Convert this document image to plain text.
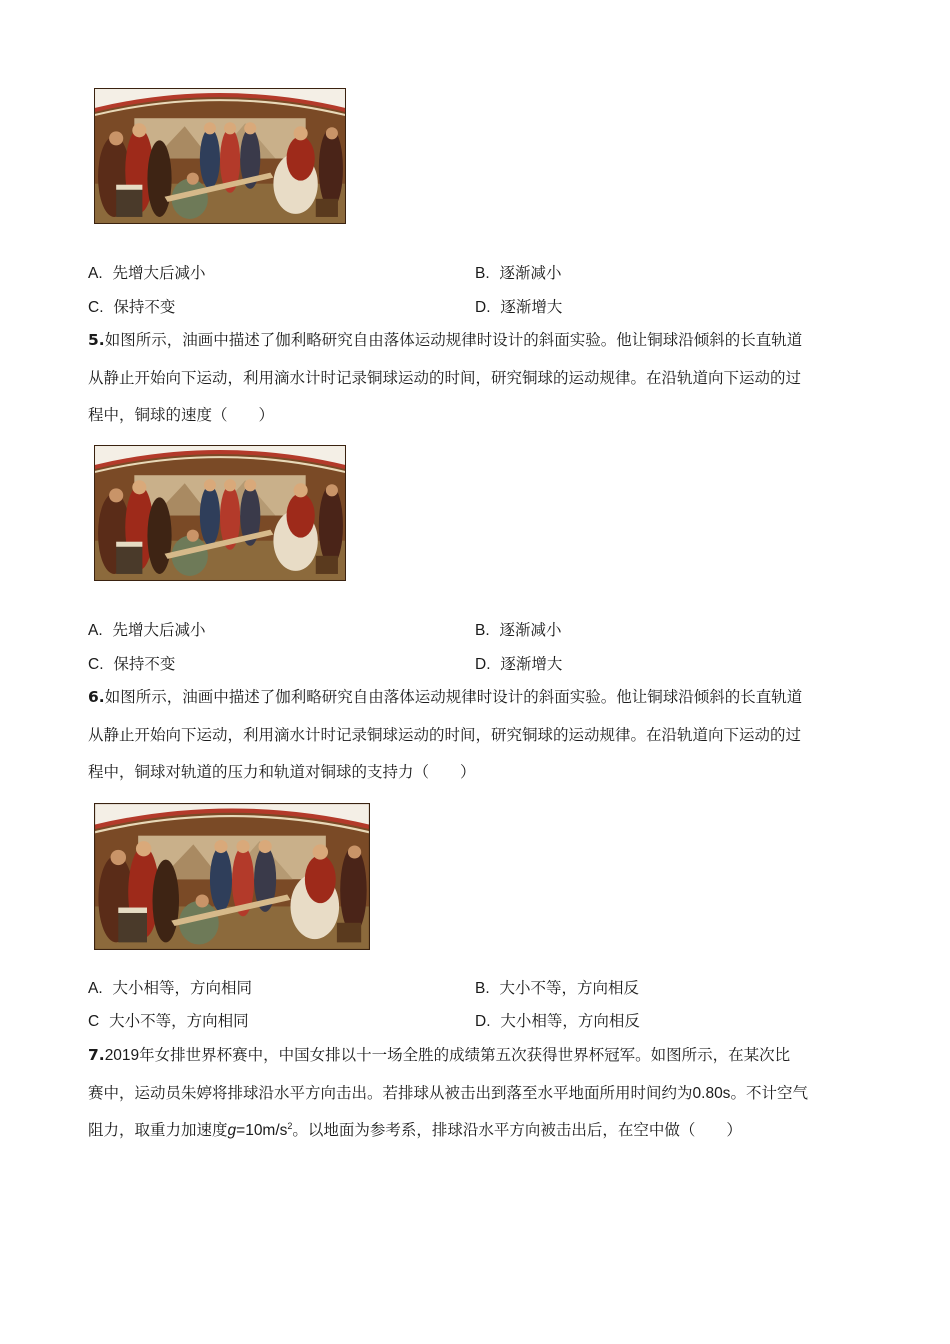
A. 先增大后减小	B. 逐渐减小
C. 保持不变	D. 逐渐增大
5.如图所示，油画中描述了伽利略研究自由落体运动规律时设计的斜面实验。他让铜球沿倾斜的长直轨道
从静止开始向下运动，利用滴水计时记录铜球运动的时间，研究铜球的运动规律。在沿轨道向下运动的过
程中，铜球的速度（　　）
A. 先增大后减小	B. 逐渐减小
C. 保持不变	D. 逐渐增大
6.如图所示，油画中描述了伽利略研究自由落体运动规律时设计的斜面实验。他让铜球沿倾斜的长直轨道
从静止开始向下运动，利用滴水计时记录铜球运动的时间，研究铜球的运动规律。在沿轨道向下运动的过
程中，铜球对轨道的压力和轨道对铜球的支持力（　　）
A. 大小相等，方向相同	B. 大小不等，方向相反
C 大小不等，方向相同	D. 大小相等，方向相反
7.2019年女排世界杯赛中，中国女排以十一场全胜的成绩第五次获得世界杯冠军。如图所示，在某次比
赛中，运动员朱婷将排球沿水平方向击出。若排球从被击出到落至水平地面所用时间约为0.80s。不计空气
阻力，取重力加速度$g=10m/s^2$。以地面为参考系，排球沿水平方向被击出后，在空中做（　　）
